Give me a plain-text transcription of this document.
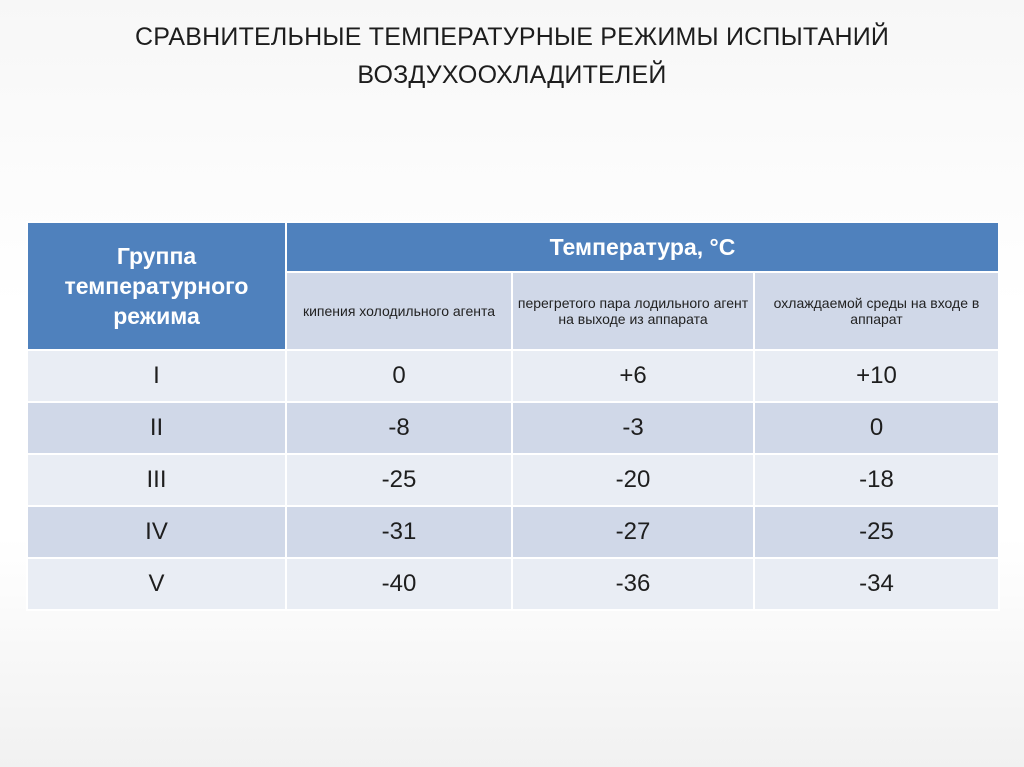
СРАВНИТЕЛЬНЫЕ ТЕМПЕРАТУРНЫЕ РЕЖИМЫ ИСПЫТАНИЙ
ВОЗДУХООХЛАДИТЕЛЕЙ
Группа температурного режима	Температура, °С		
	кипения холодильного агента	перегретого пара лодильного агент на выходе из аппарата	охлаждаемой среды на входе в аппарат
I	0	+6	+10
II	-8	-3	0
III	-25	-20	-18
IV	-31	-27	-25
V	-40	-36	-34
